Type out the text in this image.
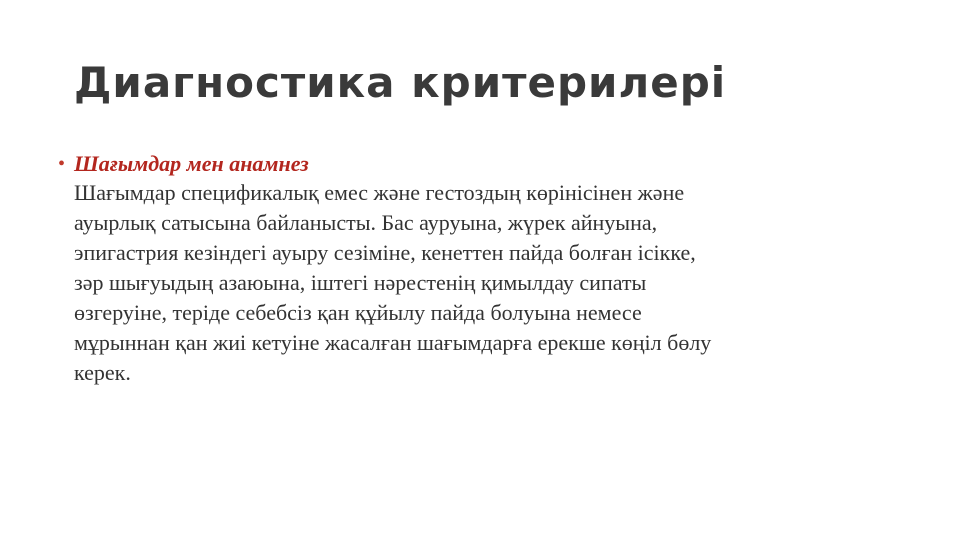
Диагностика критерилері
• Шағымдар мен анамнез
Шағымдар спецификалық емес және гестоздың көрінісінен және
ауырлық сатысына байланысты. Бас ауруына, жүрек айнуына,
эпигастрия кезіндегі ауыру сезіміне, кенеттен пайда болған ісікке,
зәр шығуыдың азаюына, іштегі нәрестенің қимылдау сипаты
өзгеруіне, теріде себебсіз қан құйылу пайда болуына немесе
мұрыннан қан жиі кетуіне жасалған шағымдарға ерекше көңіл бөлу
керек.
